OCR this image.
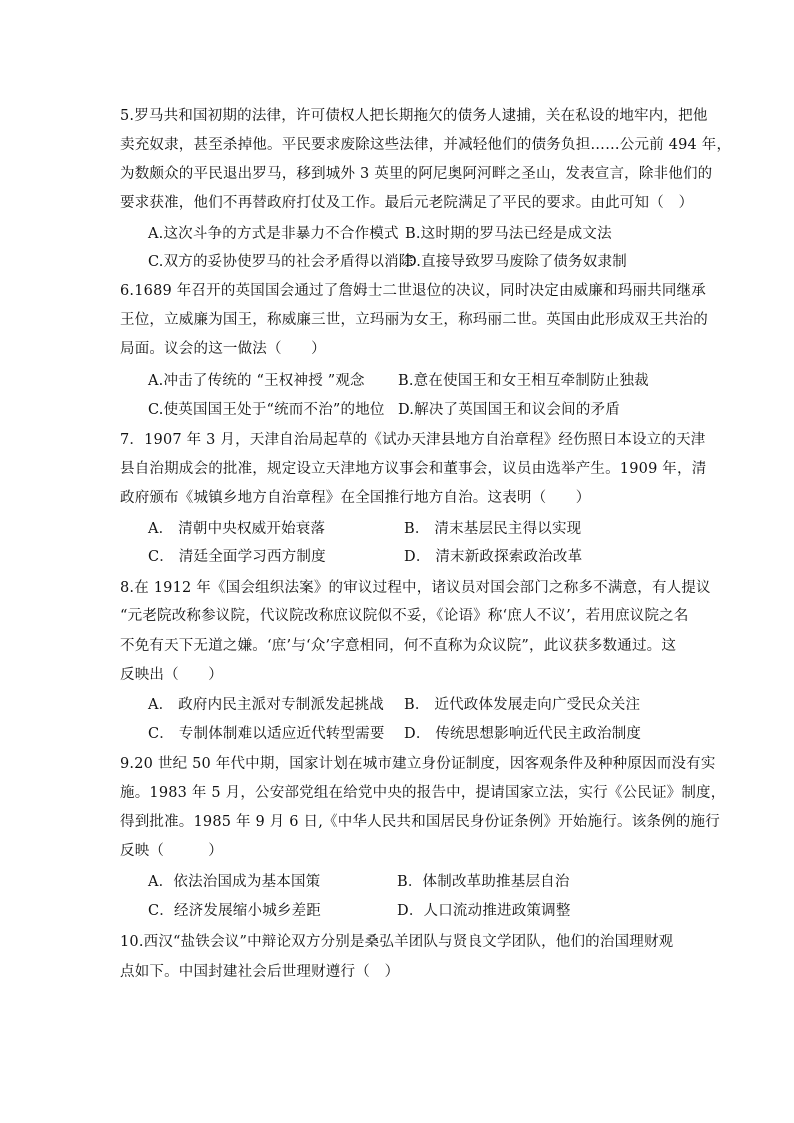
5.罗马共和国初期的法律，许可债权人把长期拖欠的债务人逮捕，关在私设的地牢内，把他
卖充奴隶，甚至杀掉他。平民要求废除这些法律，并减轻他们的债务负担……公元前 494 年，
为数颇众的平民退出罗马，移到城外 3 英里的阿尼奥阿河畔之圣山，发表宣言，除非他们的
要求获准，他们不再替政府打仗及工作。最后元老院满足了平民的要求。由此可知（　）
A.这次斗争的方式是非暴力不合作模式 B.这时期的罗马法已经是成文法
C.双方的妥协使罗马的社会矛盾得以消除
D.直接导致罗马废除了债务奴隶制
6.1689 年召开的英国国会通过了詹姆士二世退位的决议，同时决定由威廉和玛丽共同继承
王位，立威廉为国王，称威廉三世，立玛丽为女王，称玛丽二世。英国由此形成双王共治的
局面。议会的这一做法（　　）
A.冲击了传统的 “王权神授 ”观念 B.意在使国王和女王相互牵制防止独裁
C.使英国国王处于“统而不治”的地位 D.解决了英国国王和议会间的矛盾
7．1907 年 3 月，天津自治局起草的《试办天津县地方自治章程》经伤照日本设立的天津
县自治期成会的批准，规定设立天津地方议事会和董事会，议员由选举产生。1909 年，清
政府颁布《城镇乡地方自治章程》在全国推行地方自治。这表明（　　）
A． 清朝中央权威开始衰落	B． 清末基层民主得以实现
C． 清廷全面学习西方制度	D． 清末新政探索政治改革
8.在 1912 年《国会组织法案》的审议过程中，诸议员对国会部门之称多不满意，有人提议
“元老院改称参议院，代议院改称庶议院似不妥，《论语》称‘庶人不议’，若用庶议院之名
不免有天下无道之嫌。‘庶’与‘众’字意相同，何不直称为众议院”，此议获多数通过。这
反映出（　　）
A． 政府内民主派对专制派发起挑战 B． 近代政体发展走向广受民众关注
C． 专制体制难以适应近代转型需要 D． 传统思想影响近代民主政治制度
9.20 世纪 50 年代中期，国家计划在城市建立身份证制度，因客观条件及种种原因而没有实
施。1983 年 5 月，公安部党组在给党中央的报告中，提请国家立法，实行《公民证》制度，
得到批准。1985 年 9 月 6 日,《中华人民共和国居民身份证条例》开始施行。该条例的施行
反映（　　　）
A．依法治国成为基本国策	B．体制改革助推基层自治
C．经济发展缩小城乡差距	D．人口流动推进政策调整
10.西汉“盐铁会议”中辩论双方分别是桑弘羊团队与贤良文学团队，他们的治国理财观
点如下。中国封建社会后世理财遵行（　）
